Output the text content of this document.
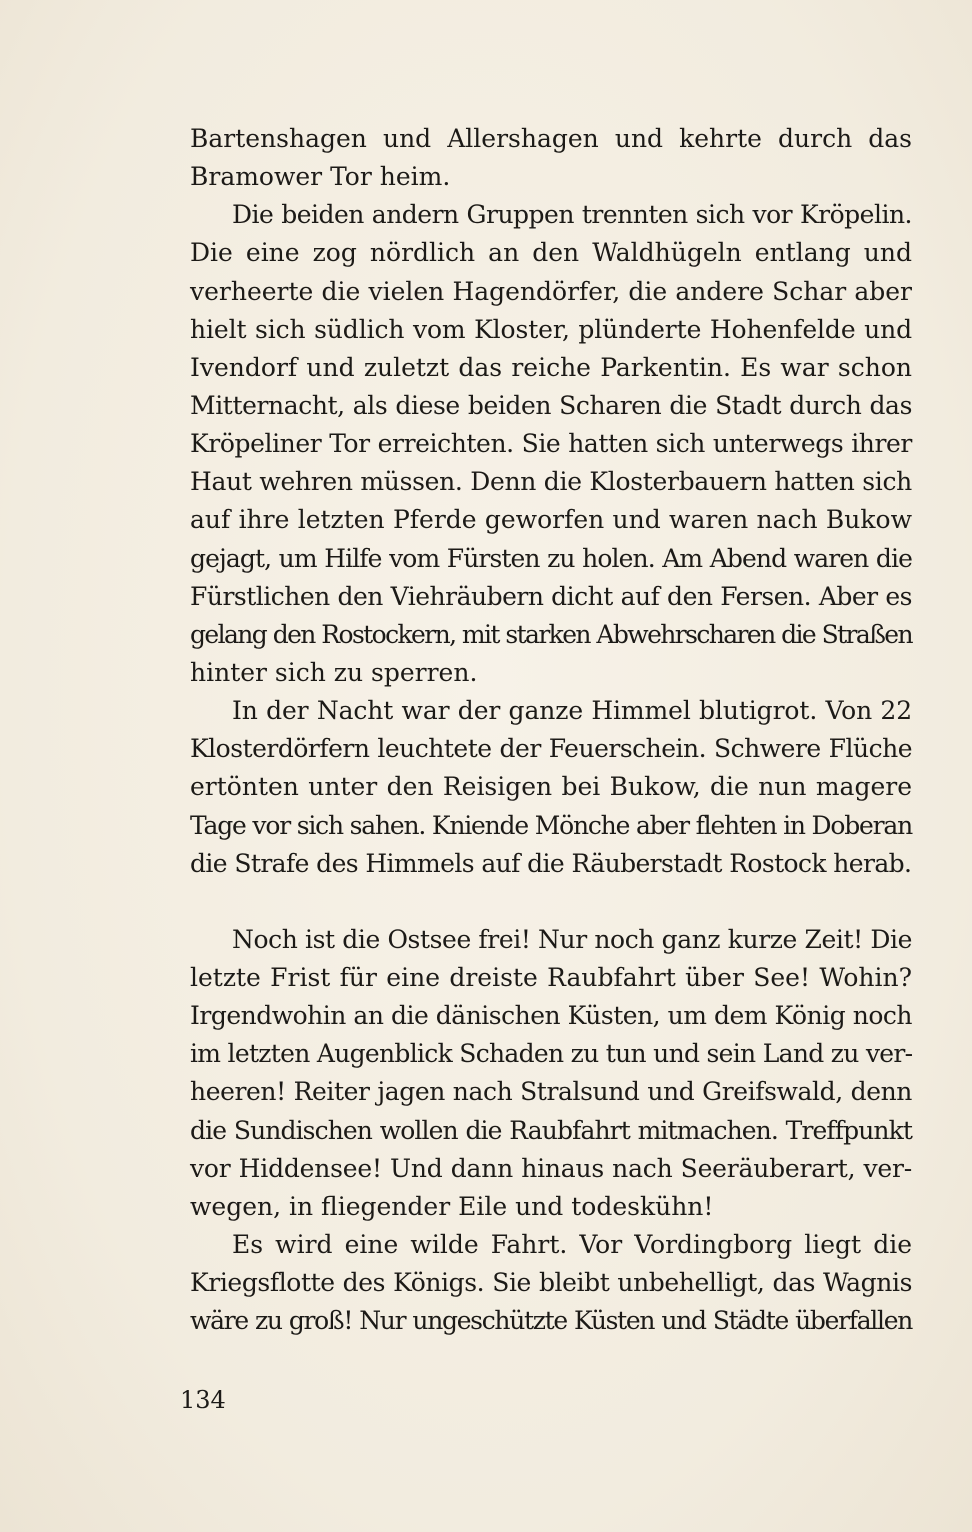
Bartenshagen und Allershagen und kehrte durch das
Bramower Tor heim.
Die beiden andern Gruppen trennten sich vor Kröpelin.
Die eine zog nördlich an den Waldhügeln entlang und
verheerte die vielen Hagendörfer, die andere Schar aber
hielt sich südlich vom Kloster, plünderte Hohenfelde und
Ivendorf und zuletzt das reiche Parkentin. Es war schon
Mitternacht, als diese beiden Scharen die Stadt durch das
Kröpeliner Tor erreichten. Sie hatten sich unterwegs ihrer
Haut wehren müssen. Denn die Klosterbauern hatten sich
auf ihre letzten Pferde geworfen und waren nach Bukow
gejagt, um Hilfe vom Fürsten zu holen. Am Abend waren die
Fürstlichen den Viehräubern dicht auf den Fersen. Aber es
gelang den Rostockern, mit starken Abwehrscharen die Straßen
hinter sich zu sperren.
In der Nacht war der ganze Himmel blutigrot. Von 22
Klosterdörfern leuchtete der Feuerschein. Schwere Flüche
ertönten unter den Reisigen bei Bukow, die nun magere
Tage vor sich sahen. Kniende Mönche aber flehten in Doberan
die Strafe des Himmels auf die Räuberstadt Rostock herab.
Noch ist die Ostsee frei! Nur noch ganz kurze Zeit! Die
letzte Frist für eine dreiste Raubfahrt über See! Wohin?
Irgendwohin an die dänischen Küsten, um dem König noch
im letzten Augenblick Schaden zu tun und sein Land zu ver-
heeren! Reiter jagen nach Stralsund und Greifswald, denn
die Sundischen wollen die Raubfahrt mitmachen. Treffpunkt
vor Hiddensee! Und dann hinaus nach Seeräuberart, ver-
wegen, in fliegender Eile und todeskühn!
Es wird eine wilde Fahrt. Vor Vordingborg liegt die
Kriegsflotte des Königs. Sie bleibt unbehelligt, das Wagnis
wäre zu groß! Nur ungeschützte Küsten und Städte überfallen
134
